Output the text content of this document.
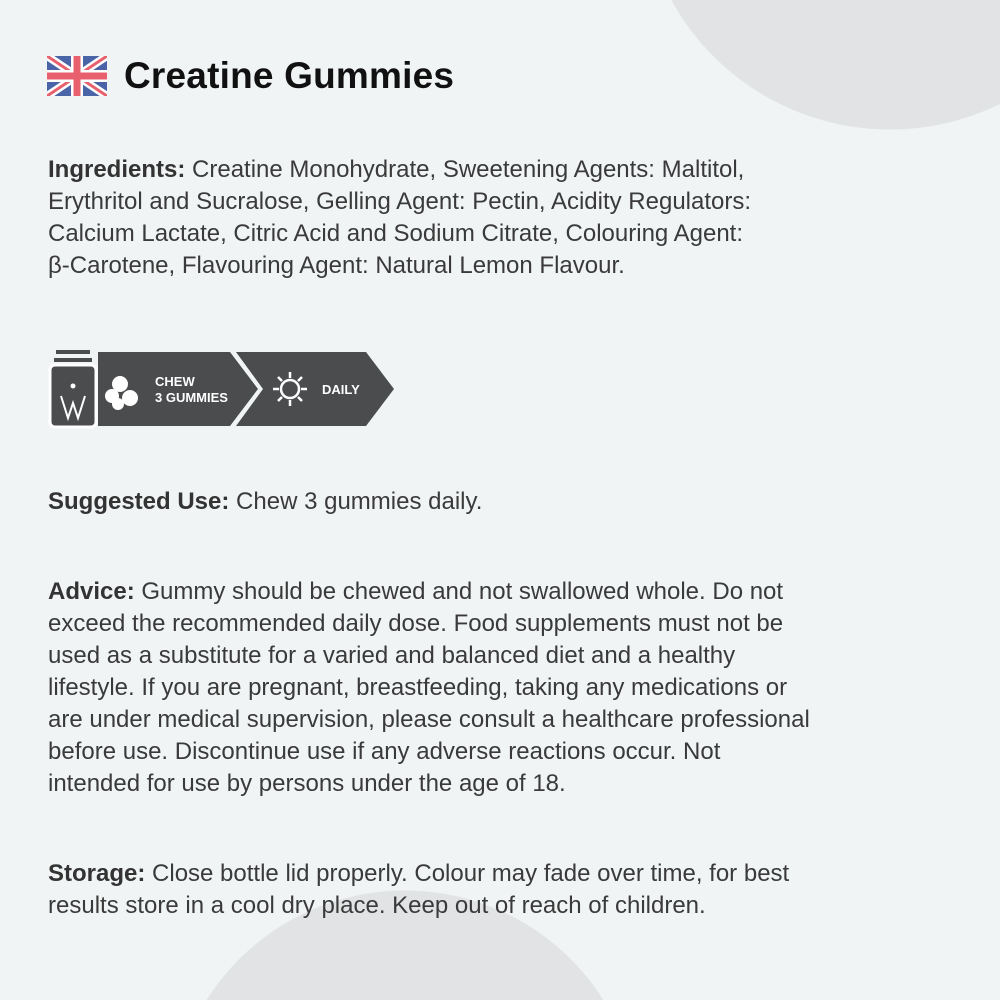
Creatine Gummies
Ingredients: Creatine Monohydrate, Sweetening Agents: Maltitol,
Erythritol and Sucralose, Gelling Agent: Pectin, Acidity Regulators:
Calcium Lactate, Citric Acid and Sodium Citrate, Colouring Agent:
β-Carotene, Flavouring Agent: Natural Lemon Flavour.
CHEW
3 GUMMIES
DAILY
Suggested Use: Chew 3 gummies daily.
Advice: Gummy should be chewed and not swallowed whole. Do not
exceed the recommended daily dose. Food supplements must not be
used as a substitute for a varied and balanced diet and a healthy
lifestyle. If you are pregnant, breastfeeding, taking any medications or
are under medical supervision, please consult a healthcare professional
before use. Discontinue use if any adverse reactions occur. Not
intended for use by persons under the age of 18.
Storage: Close bottle lid properly. Colour may fade over time, for best
results store in a cool dry place. Keep out of reach of children.
